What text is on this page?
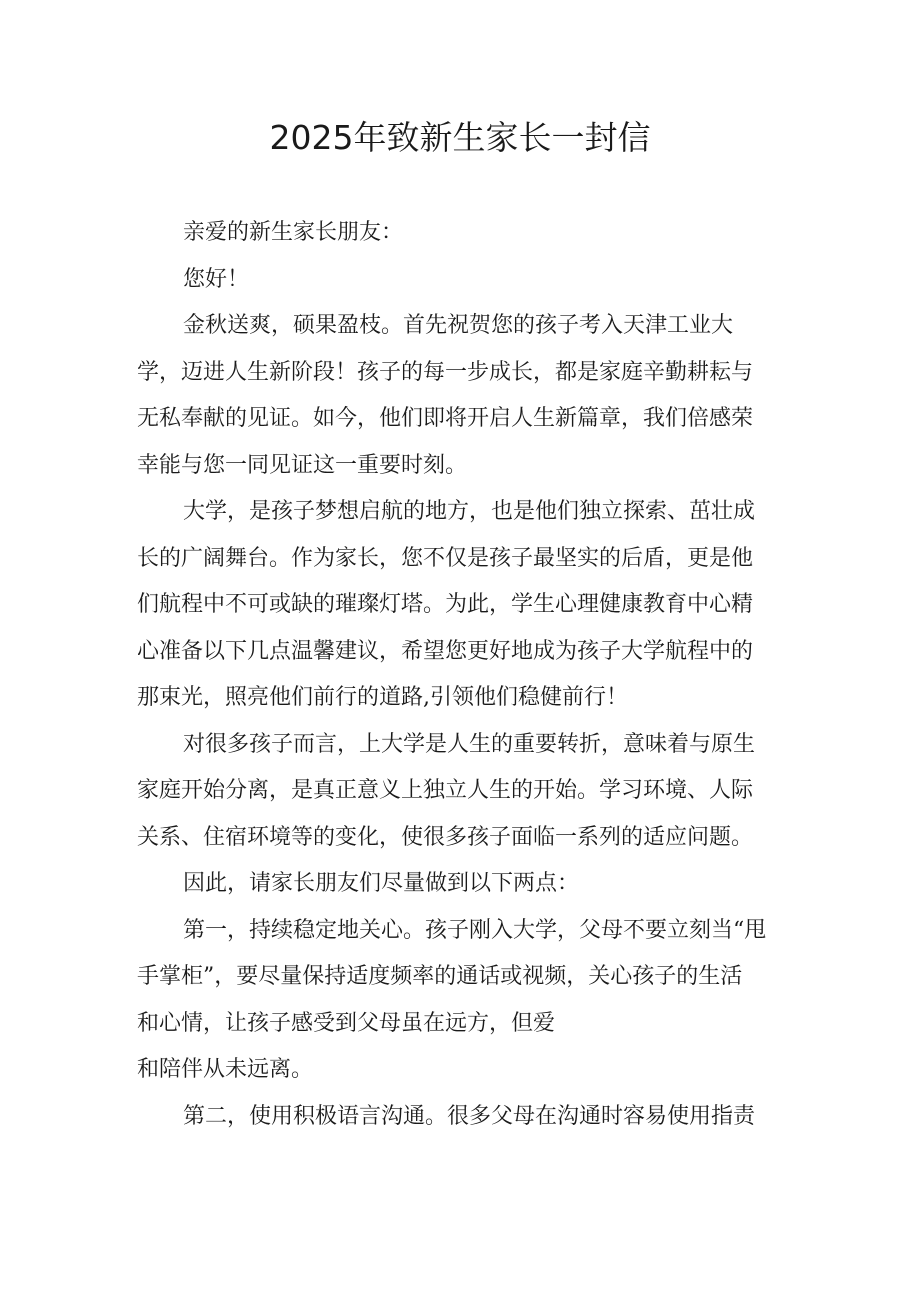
2025年致新生家长一封信
亲爱的新生家长朋友：
您好！
金秋送爽，硕果盈枝。首先祝贺您的孩子考入天津工业大
学，迈进人生新阶段！孩子的每一步成长，都是家庭辛勤耕耘与
无私奉献的见证。如今，他们即将开启人生新篇章，我们倍感荣
幸能与您一同见证这一重要时刻。
大学，是孩子梦想启航的地方，也是他们独立探索、茁壮成
长的广阔舞台。作为家长，您不仅是孩子最坚实的后盾，更是他
们航程中不可或缺的璀璨灯塔。为此，学生心理健康教育中心精
心准备以下几点温馨建议，希望您更好地成为孩子大学航程中的
那束光，照亮他们前行的道路,引领他们稳健前行！
对很多孩子而言，上大学是人生的重要转折，意味着与原生
家庭开始分离，是真正意义上独立人生的开始。学习环境、人际
关系、住宿环境等的变化，使很多孩子面临一系列的适应问题。
因此，请家长朋友们尽量做到以下两点：
第一，持续稳定地关心。孩子刚入大学，父母不要立刻当“甩
手掌柜”，要尽量保持适度频率的通话或视频，关心孩子的生活
和心情，让孩子感受到父母虽在远方，但爱
和陪伴从未远离。
第二，使用积极语言沟通。很多父母在沟通时容易使用指责
